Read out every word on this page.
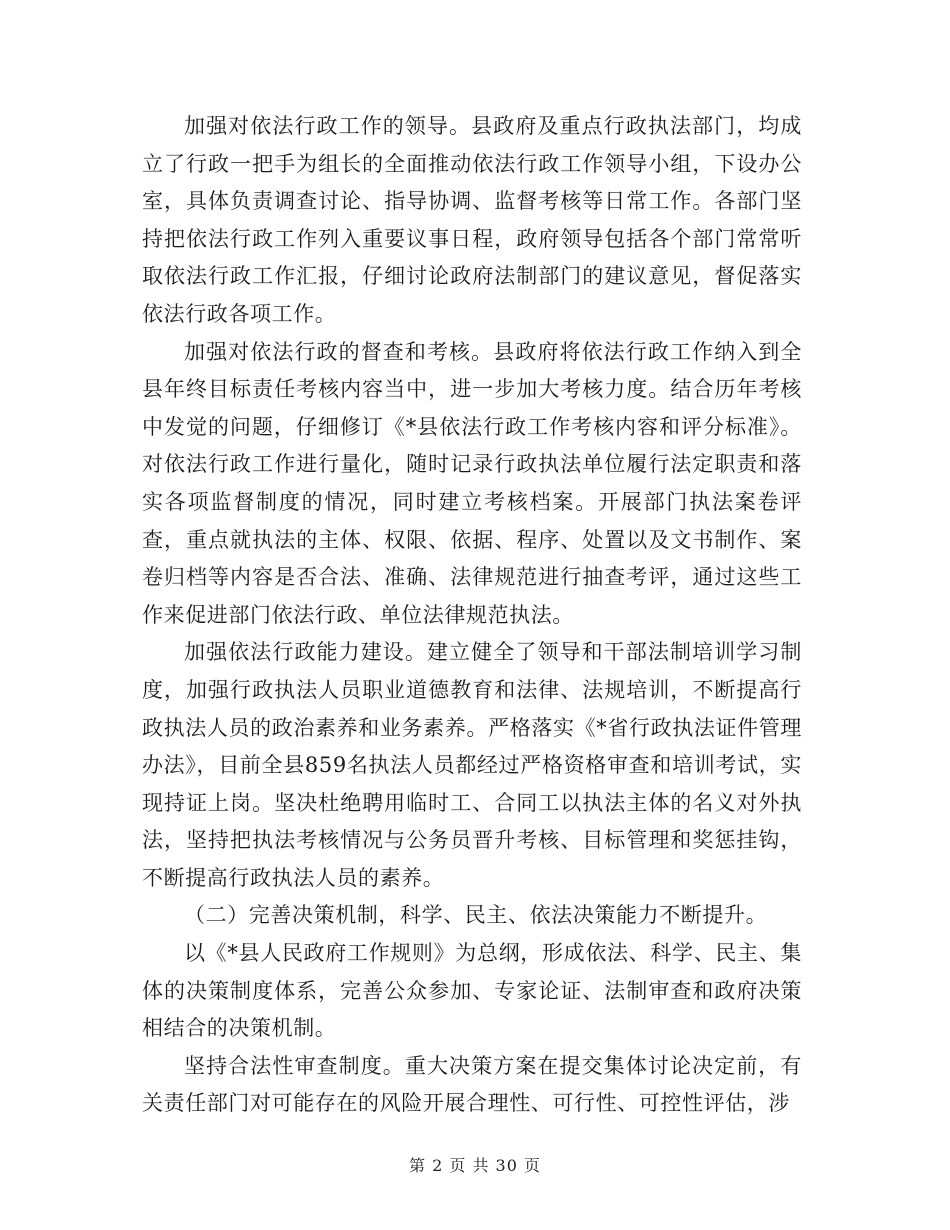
加强对依法行政工作的领导。县政府及重点行政执法部门，均成立了行政一把手为组长的全面推动依法行政工作领导小组，下设办公室，具体负责调查讨论、指导协调、监督考核等日常工作。各部门坚持把依法行政工作列入重要议事日程，政府领导包括各个部门常常听取依法行政工作汇报，仔细讨论政府法制部门的建议意见，督促落实依法行政各项工作。

加强对依法行政的督查和考核。县政府将依法行政工作纳入到全县年终目标责任考核内容当中，进一步加大考核力度。结合历年考核中发觉的问题，仔细修订《*县依法行政工作考核内容和评分标准》。对依法行政工作进行量化，随时记录行政执法单位履行法定职责和落实各项监督制度的情况，同时建立考核档案。开展部门执法案卷评查，重点就执法的主体、权限、依据、程序、处置以及文书制作、案卷归档等内容是否合法、准确、法律规范进行抽查考评，通过这些工作来促进部门依法行政、单位法律规范执法。

加强依法行政能力建设。建立健全了领导和干部法制培训学习制度，加强行政执法人员职业道德教育和法律、法规培训，不断提高行政执法人员的政治素养和业务素养。严格落实《*省行政执法证件管理办法》，目前全县859名执法人员都经过严格资格审查和培训考试，实现持证上岗。坚决杜绝聘用临时工、合同工以执法主体的名义对外执法，坚持把执法考核情况与公务员晋升考核、目标管理和奖惩挂钩，不断提高行政执法人员的素养。

（二）完善决策机制，科学、民主、依法决策能力不断提升。

以《*县人民政府工作规则》为总纲，形成依法、科学、民主、集体的决策制度体系，完善公众参加、专家论证、法制审查和政府决策相结合的决策机制。

坚持合法性审查制度。重大决策方案在提交集体讨论决定前，有关责任部门对可能存在的风险开展合理性、可行性、可控性评估，涉

第 2 页 共 30 页
